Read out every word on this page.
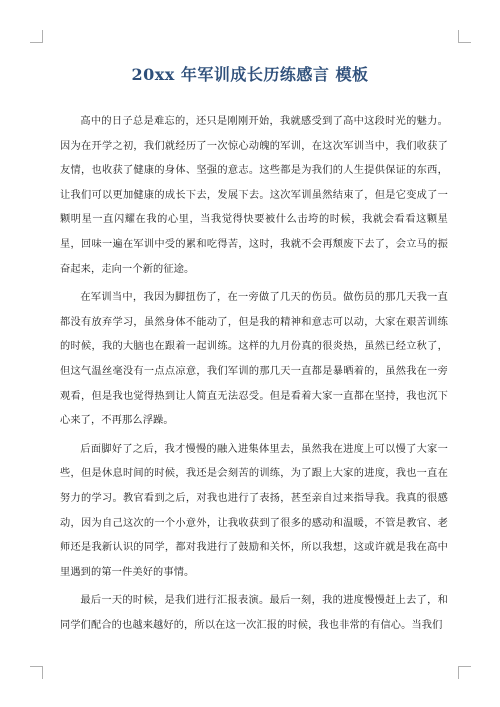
20xx 年军训成长历练感言 模板

高中的日子总是难忘的，还只是刚刚开始，我就感受到了高中这段时光的魅力。因为在开学之初，我们就经历了一次惊心动魄的军训，在这次军训当中，我们收获了友情，也收获了健康的身体、坚强的意志。这些都是为我们的人生提供保证的东西，让我们可以更加健康的成长下去，发展下去。这次军训虽然结束了，但是它变成了一颗明星一直闪耀在我的心里，当我觉得快要被什么击垮的时候，我就会看看这颗星星，回味一遍在军训中受的累和吃得苦，这时，我就不会再颓废下去了，会立马的振奋起来，走向一个新的征途。

在军训当中，我因为脚扭伤了，在一旁做了几天的伤员。做伤员的那几天我一直都没有放弃学习，虽然身体不能动了，但是我的精神和意志可以动，大家在艰苦训练的时候，我的大脑也在跟着一起训练。这样的九月份真的很炎热，虽然已经立秋了，但这气温丝毫没有一点点凉意，我们军训的那几天一直都是暴晒着的，虽然我在一旁观看，但是我也觉得热到让人简直无法忍受。但是看着大家一直都在坚持，我也沉下心来了，不再那么浮躁。

后面脚好了之后，我才慢慢的融入进集体里去，虽然我在进度上可以慢了大家一些，但是休息时间的时候，我还是会刻苦的训练，为了跟上大家的进度，我也一直在努力的学习。教官看到之后，对我也进行了表扬，甚至亲自过来指导我。我真的很感动，因为自己这次的一个小意外，让我收获到了很多的感动和温暖，不管是教官、老师还是我新认识的同学，都对我进行了鼓励和关怀，所以我想，这或许就是我在高中里遇到的第一件美好的事情。

最后一天的时候，是我们进行汇报表演。最后一刻，我的进度慢慢赶上去了，和同学们配合的也越来越好的，所以在这一次汇报的时候，我也非常的有信心。当我们
